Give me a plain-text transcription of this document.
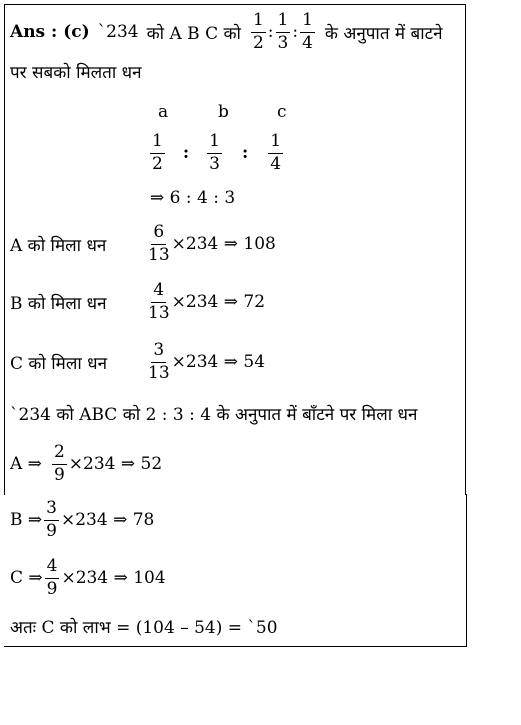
Ans : (c) `234 को A B C को $\frac{1}{2}$ : $\frac{1}{3}$ : $\frac{1}{4}$ के अनुपात में बाटने
पर सबको मिलता धन
a	b	c
$\frac{1}{2}$ : $\frac{1}{3}$ : $\frac{1}{4}$
⇒ 6 : 4 : 3
A को मिला धन	$\frac{6}{13} \times 234$ ⇒ 108
B को मिला धन	$\frac{4}{13} \times 234$ ⇒ 72
C को मिला धन	$\frac{3}{13} \times 234$ ⇒ 54
`234 को ABC को 2 : 3 : 4 के अनुपात में बाँटने पर मिला धन
A ⇒ $\frac{2}{9} \times 234$ ⇒ 52
B ⇒ $\frac{3}{9} \times 234$ ⇒ 78
C ⇒ $\frac{4}{9} \times 234$ ⇒ 104
अतः C को लाभ = (104 – 54) = `50
